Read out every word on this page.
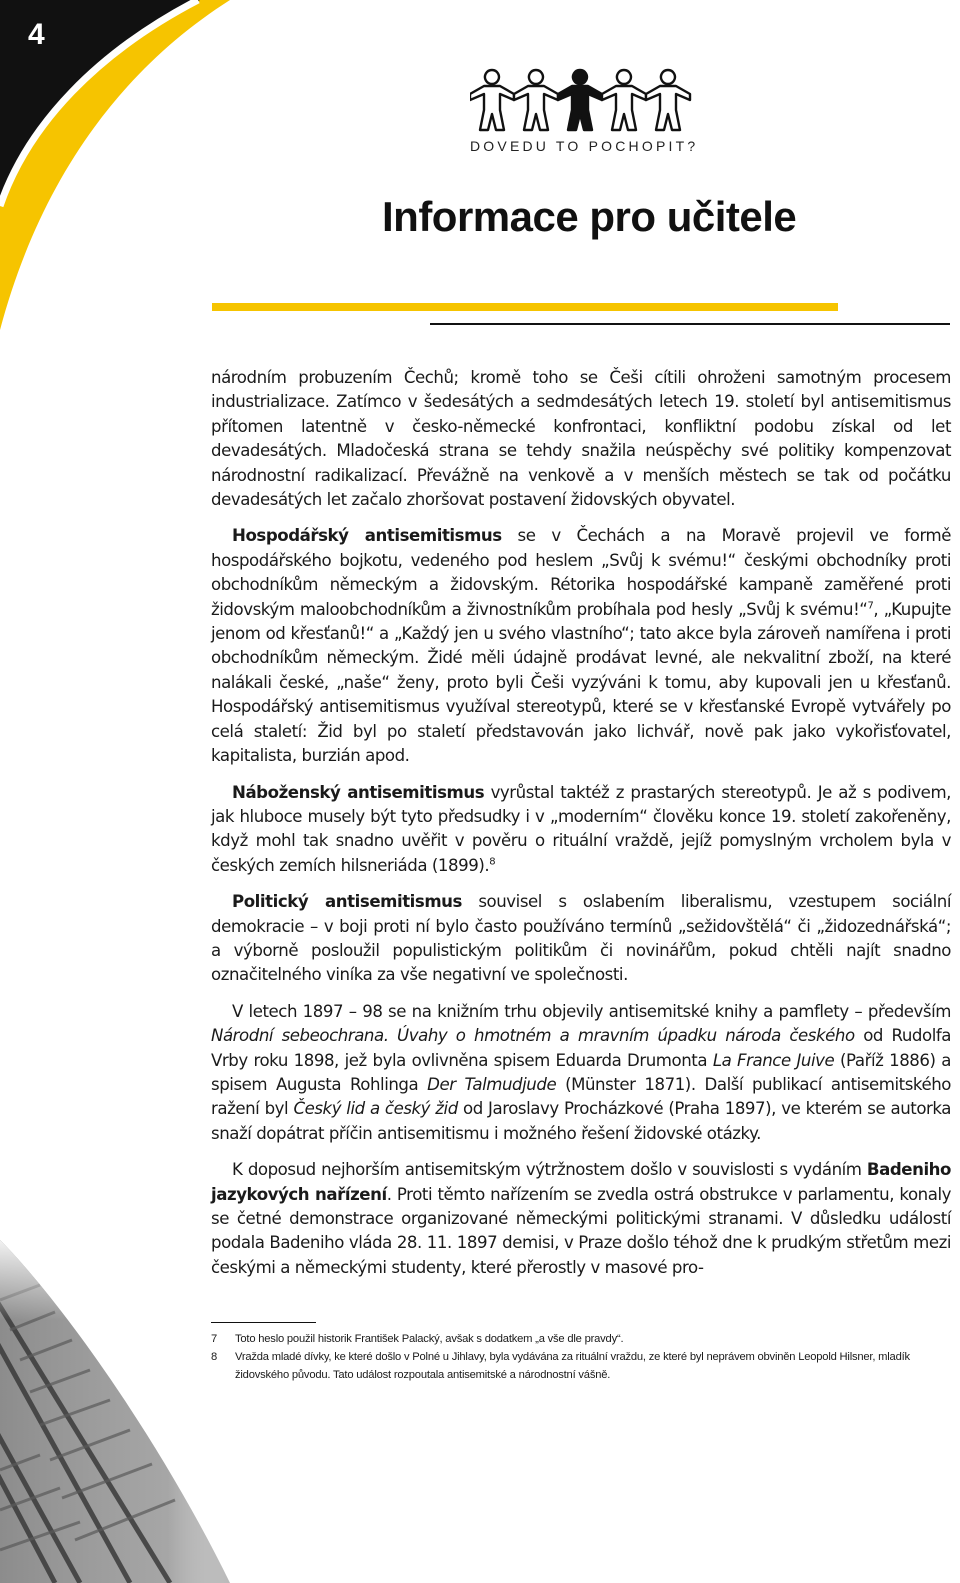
4
DOVEDU TO POCHOPIT?
Informace pro učitele

národním probuzením Čechů; kromě toho se Češi cítili ohroženi samotným procesem industrializace. Zatímco v šedesátých a sedmdesátých letech 19. století byl antisemitismus přítomen latentně v česko-německé konfrontaci, konfliktní podobu získal od let devadesátých. Mladočeská strana se tehdy snažila neúspěchy své politiky kompenzovat národnostní radikalizací. Převážně na venkově a v menších městech se tak od počátku devadesátých let začalo zhoršovat postavení židovských obyvatel.

Hospodářský antisemitismus se v Čechách a na Moravě projevil ve formě hospodářského bojkotu, vedeného pod heslem „Svůj k svému!“ českými obchodníky proti obchodníkům německým a židovským. Rétorika hospodářské kampaně zaměřené proti židovským maloobchodníkům a živnostníkům probíhala pod hesly „Svůj k svému!“$^7$, „Kupujte jenom od křesťanů!“ a „Každý jen u svého vlastního“; tato akce byla zároveň namířena i proti obchodníkům německým. Židé měli údajně prodávat levné, ale nekvalitní zboží, na které nalákali české, „naše“ ženy, proto byli Češi vyzýváni k tomu, aby kupovali jen u křesťanů. Hospodářský antisemitismus využíval stereotypů, které se v křesťanské Evropě vytvářely po celá staletí: Žid byl po staletí představován jako lichvář, nově pak jako vykořisťovatel, kapitalista, burzián apod.

Náboženský antisemitismus vyrůstal taktéž z prastarých stereotypů. Je až s podivem, jak hluboce musely být tyto předsudky i v „moderním“ člověku konce 19. století zakořeněny, když mohl tak snadno uvěřit v pověru o rituální vraždě, jejíž pomyslným vrcholem byla v českých zemích hilsneriáda (1899).$^8$

Politický antisemitismus souvisel s oslabením liberalismu, vzestupem sociální demokracie – v boji proti ní bylo často používáno termínů „sežidovštělá“ či „židozednářská“; a výborně posloužil populistickým politikům či novinářům, pokud chtěli najít snadno označitelného viníka za vše negativní ve společnosti.

V letech 1897 – 98 se na knižním trhu objevily antisemitské knihy a pamflety – především Národní sebeochrana. Úvahy o hmotném a mravním úpadku národa českého od Rudolfa Vrby roku 1898, jež byla ovlivněna spisem Eduarda Drumonta La France Juive (Paříž 1886) a spisem Augusta Rohlinga Der Talmudjude (Münster 1871). Další publikací antisemitského ražení byl Český lid a český žid od Jaroslavy Procházkové (Praha 1897), ve kterém se autorka snaží dopátrat příčin antisemitismu i možného řešení židovské otázky.

K doposud nejhorším antisemitským výtržnostem došlo v souvislosti s vydáním Badeniho jazykových nařízení. Proti těmto nařízením se zvedla ostrá obstrukce v parlamentu, konaly se četné demonstrace organizované německými politickými stranami. V důsledku událostí podala Badeniho vláda 28. 11. 1897 demisi, v Praze došlo téhož dne k prudkým střetům mezi českými a německými studenty, které přerostly v masové pro-

7	Toto heslo použil historik František Palacký, avšak s dodatkem „a vše dle pravdy“.
8	Vražda mladé dívky, ke které došlo v Polné u Jihlavy, byla vydávána za rituální vraždu, ze které byl neprávem obviněn Leopold Hilsner, mladík židovského původu. Tato událost rozpoutala antisemitské a národnostní vášně.
